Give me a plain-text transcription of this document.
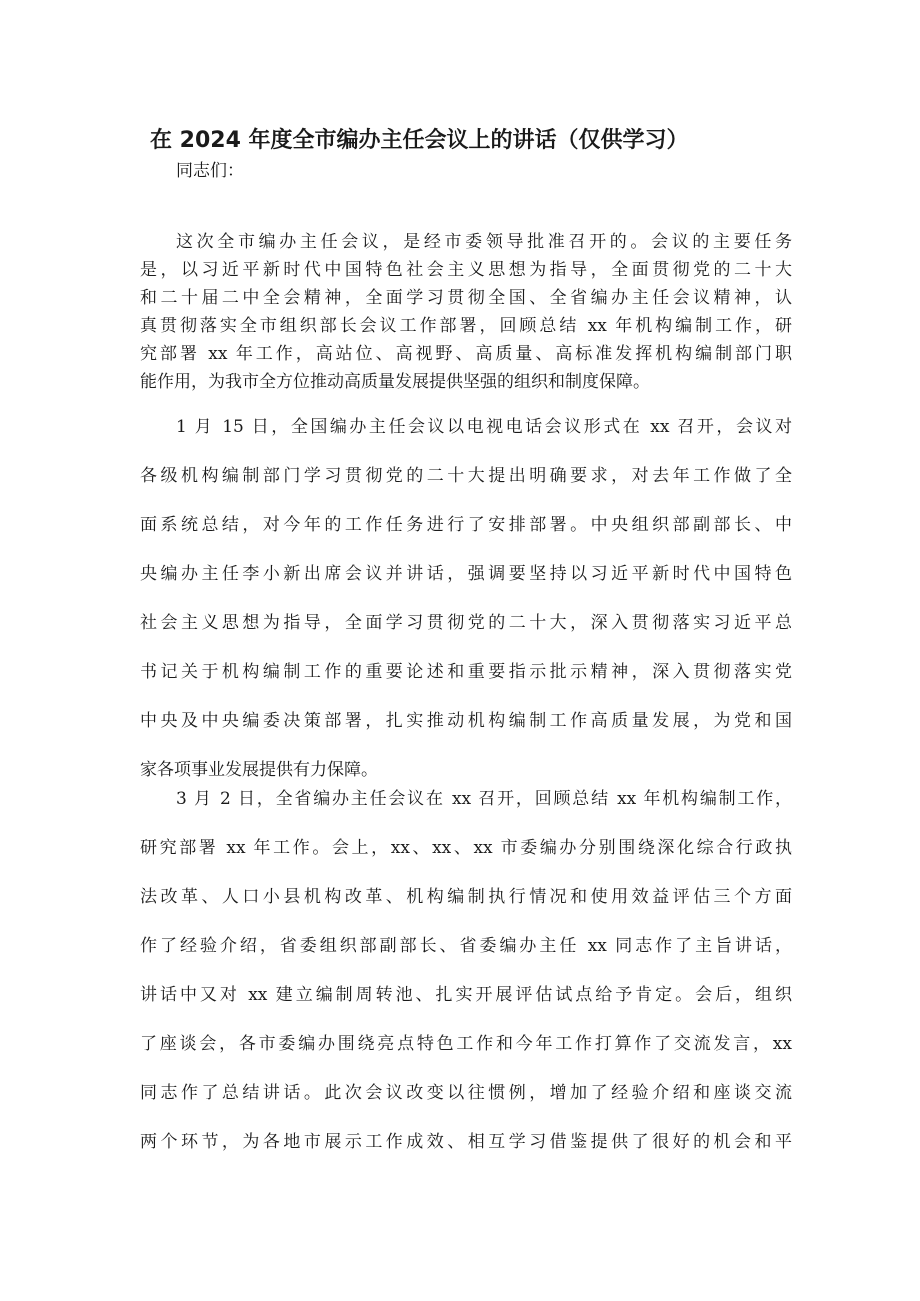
在 2024 年度全市编办主任会议上的讲话（仅供学习）

同志们：

这次全市编办主任会议，是经市委领导批准召开的。会议的主要任务
是，以习近平新时代中国特色社会主义思想为指导，全面贯彻党的二十大
和二十届二中全会精神，全面学习贯彻全国、全省编办主任会议精神，认
真贯彻落实全市组织部长会议工作部署，回顾总结 xx 年机构编制工作，研
究部署 xx 年工作，高站位、高视野、高质量、高标准发挥机构编制部门职
能作用，为我市全方位推动高质量发展提供坚强的组织和制度保障。
1 月 15 日，全国编办主任会议以电视电话会议形式在 xx 召开，会议对
各级机构编制部门学习贯彻党的二十大提出明确要求，对去年工作做了全
面系统总结，对今年的工作任务进行了安排部署。中央组织部副部长、中
央编办主任李小新出席会议并讲话，强调要坚持以习近平新时代中国特色
社会主义思想为指导，全面学习贯彻党的二十大，深入贯彻落实习近平总
书记关于机构编制工作的重要论述和重要指示批示精神，深入贯彻落实党
中央及中央编委决策部署，扎实推动机构编制工作高质量发展，为党和国
家各项事业发展提供有力保障。
3 月 2 日，全省编办主任会议在 xx 召开，回顾总结 xx 年机构编制工作，
研究部署 xx 年工作。会上，xx、xx、xx 市委编办分别围绕深化综合行政执
法改革、人口小县机构改革、机构编制执行情况和使用效益评估三个方面
作了经验介绍，省委组织部副部长、省委编办主任 xx 同志作了主旨讲话，
讲话中又对 xx 建立编制周转池、扎实开展评估试点给予肯定。会后，组织
了座谈会，各市委编办围绕亮点特色工作和今年工作打算作了交流发言，xx
同志作了总结讲话。此次会议改变以往惯例，增加了经验介绍和座谈交流
两个环节，为各地市展示工作成效、相互学习借鉴提供了很好的机会和平
